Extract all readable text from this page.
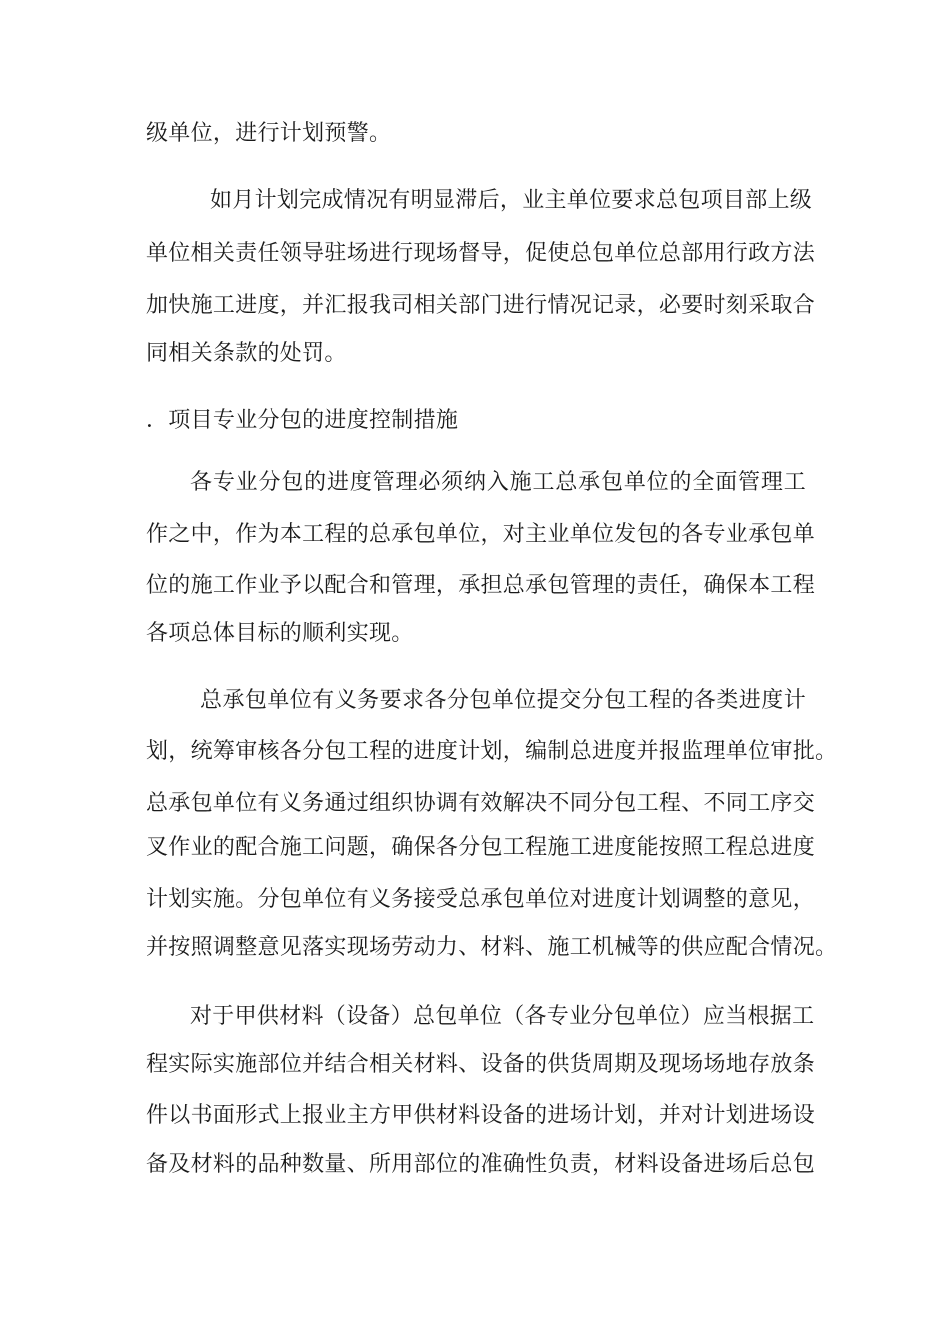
级单位，进行计划预警。
如月计划完成情况有明显滞后，业主单位要求总包项目部上级
单位相关责任领导驻场进行现场督导，促使总包单位总部用行政方法
加快施工进度，并汇报我司相关部门进行情况记录，必要时刻采取合
同相关条款的处罚。
．项目专业分包的进度控制措施
各专业分包的进度管理必须纳入施工总承包单位的全面管理工
作之中，作为本工程的总承包单位，对主业单位发包的各专业承包单
位的施工作业予以配合和管理，承担总承包管理的责任，确保本工程
各项总体目标的顺利实现。
总承包单位有义务要求各分包单位提交分包工程的各类进度计
划，统筹审核各分包工程的进度计划，编制总进度并报监理单位审批。
总承包单位有义务通过组织协调有效解决不同分包工程、不同工序交
叉作业的配合施工问题，确保各分包工程施工进度能按照工程总进度
计划实施。分包单位有义务接受总承包单位对进度计划调整的意见，
并按照调整意见落实现场劳动力、材料、施工机械等的供应配合情况。
对于甲供材料（设备）总包单位（各专业分包单位）应当根据工
程实际实施部位并结合相关材料、设备的供货周期及现场场地存放条
件以书面形式上报业主方甲供材料设备的进场计划，并对计划进场设
备及材料的品种数量、所用部位的准确性负责，材料设备进场后总包
